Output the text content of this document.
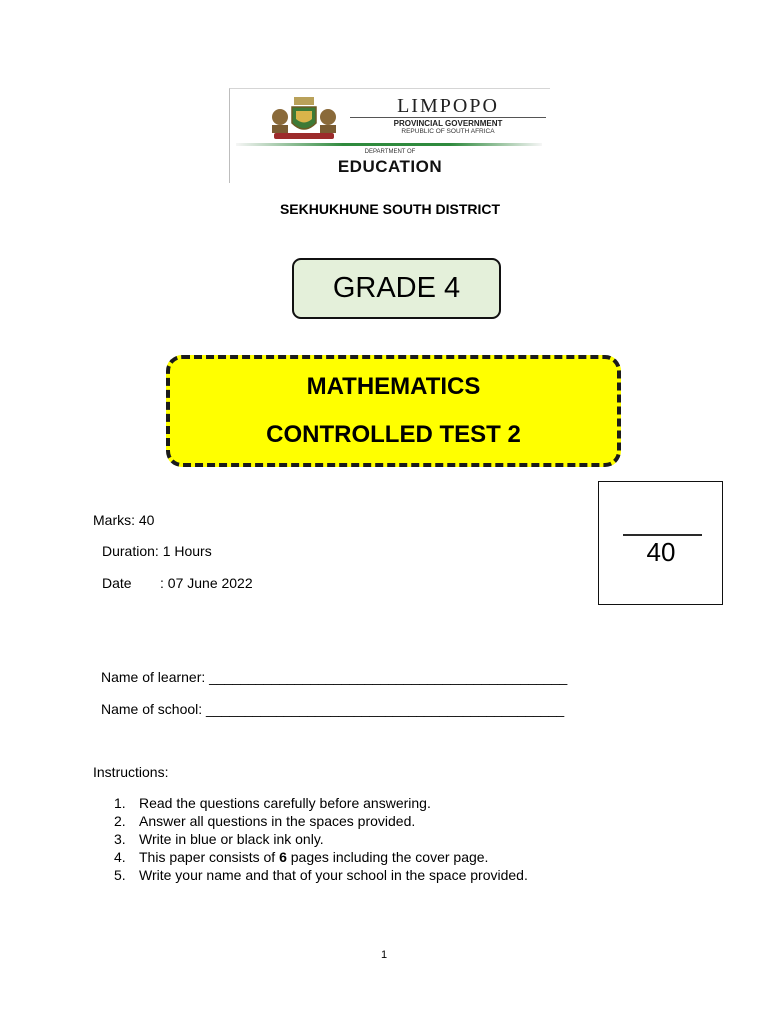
LIMPOPO
PROVINCIAL GOVERNMENT
REPUBLIC OF SOUTH AFRICA
DEPARTMENT OF
EDUCATION
SEKHUKHUNE SOUTH DISTRICT
GRADE 4
MATHEMATICS
CONTROLLED TEST 2
40
Marks: 40
Duration: 1 Hours
Date : 07 June 2022
Name of learner: ______________________________________________
Name of school: ______________________________________________
Instructions:
1. Read the questions carefully before answering.
2. Answer all questions in the spaces provided.
3. Write in blue or black ink only.
4. This paper consists of 6 pages including the cover page.
5. Write your name and that of your school in the space provided.
1
